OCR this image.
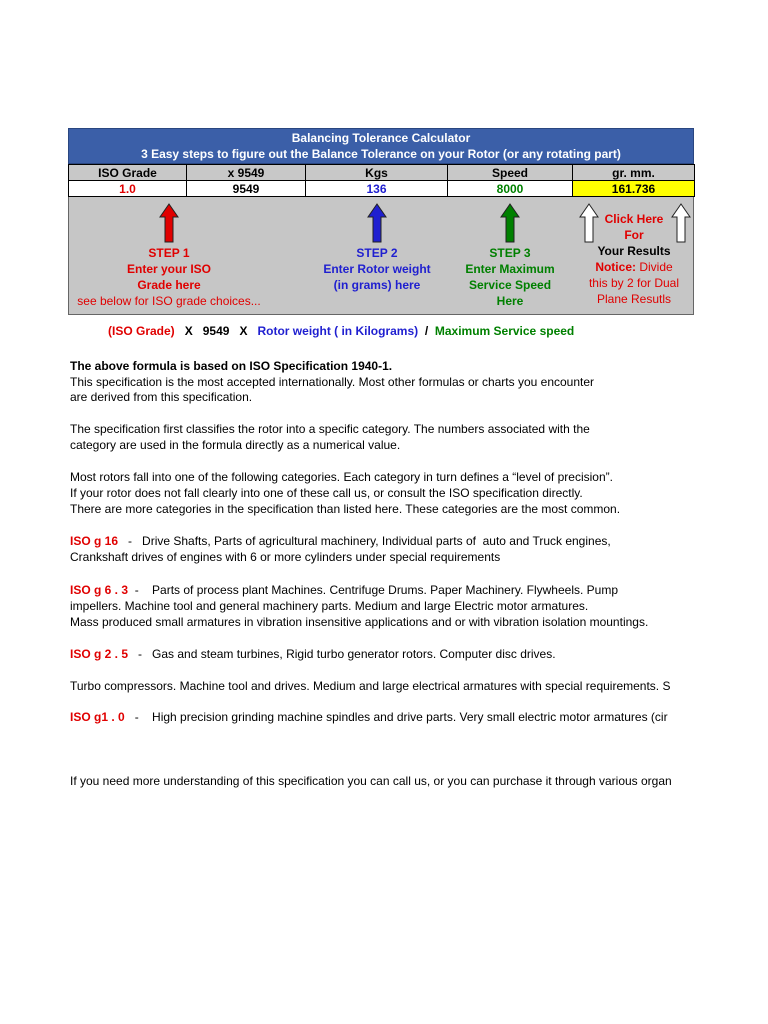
Balancing Tolerance Calculator
3 Easy steps to figure out the Balance Tolerance on your Rotor (or any rotating part)
ISO Grade	x 9549	Kgs	Speed	gr. mm.
1.0	9549	136	8000	161.736
STEP 1
Enter your ISO
Grade here
see below for ISO grade choices...
STEP 2
Enter Rotor weight
(in grams) here
STEP 3
Enter Maximum
Service Speed
Here
Click Here
For
Your Results
Notice: Divide
this by 2 for Dual
Plane Resutls
(ISO Grade) X 9549 X Rotor weight ( in Kilograms) / Maximum Service speed
The above formula is based on ISO Specification 1940-1.
This specification is the most accepted internationally. Most other formulas or charts you encounter
are derived from this specification.
The specification first classifies the rotor into a specific category. The numbers associated with the
category are used in the formula directly as a numerical value.
Most rotors fall into one of the following categories. Each category in turn defines a “level of precision”.
If your rotor does not fall clearly into one of these call us, or consult the ISO specification directly.
There are more categories in the specification than listed here. These categories are the most common.
ISO g 16   -   Drive Shafts, Parts of agricultural machinery, Individual parts of  auto and Truck engines,
Crankshaft drives of engines with 6 or more cylinders under special requirements
ISO g 6 . 3  -    Parts of process plant Machines. Centrifuge Drums. Paper Machinery. Flywheels. Pump
impellers. Machine tool and general machinery parts. Medium and large Electric motor armatures.
Mass produced small armatures in vibration insensitive applications and or with vibration isolation mountings.
ISO g 2 . 5   -   Gas and steam turbines, Rigid turbo generator rotors. Computer disc drives.
Turbo compressors. Machine tool and drives. Medium and large electrical armatures with special requirements. S
ISO g1 . 0   -    High precision grinding machine spindles and drive parts. Very small electric motor armatures (cir
If you need more understanding of this specification you can call us, or you can purchase it through various organ
